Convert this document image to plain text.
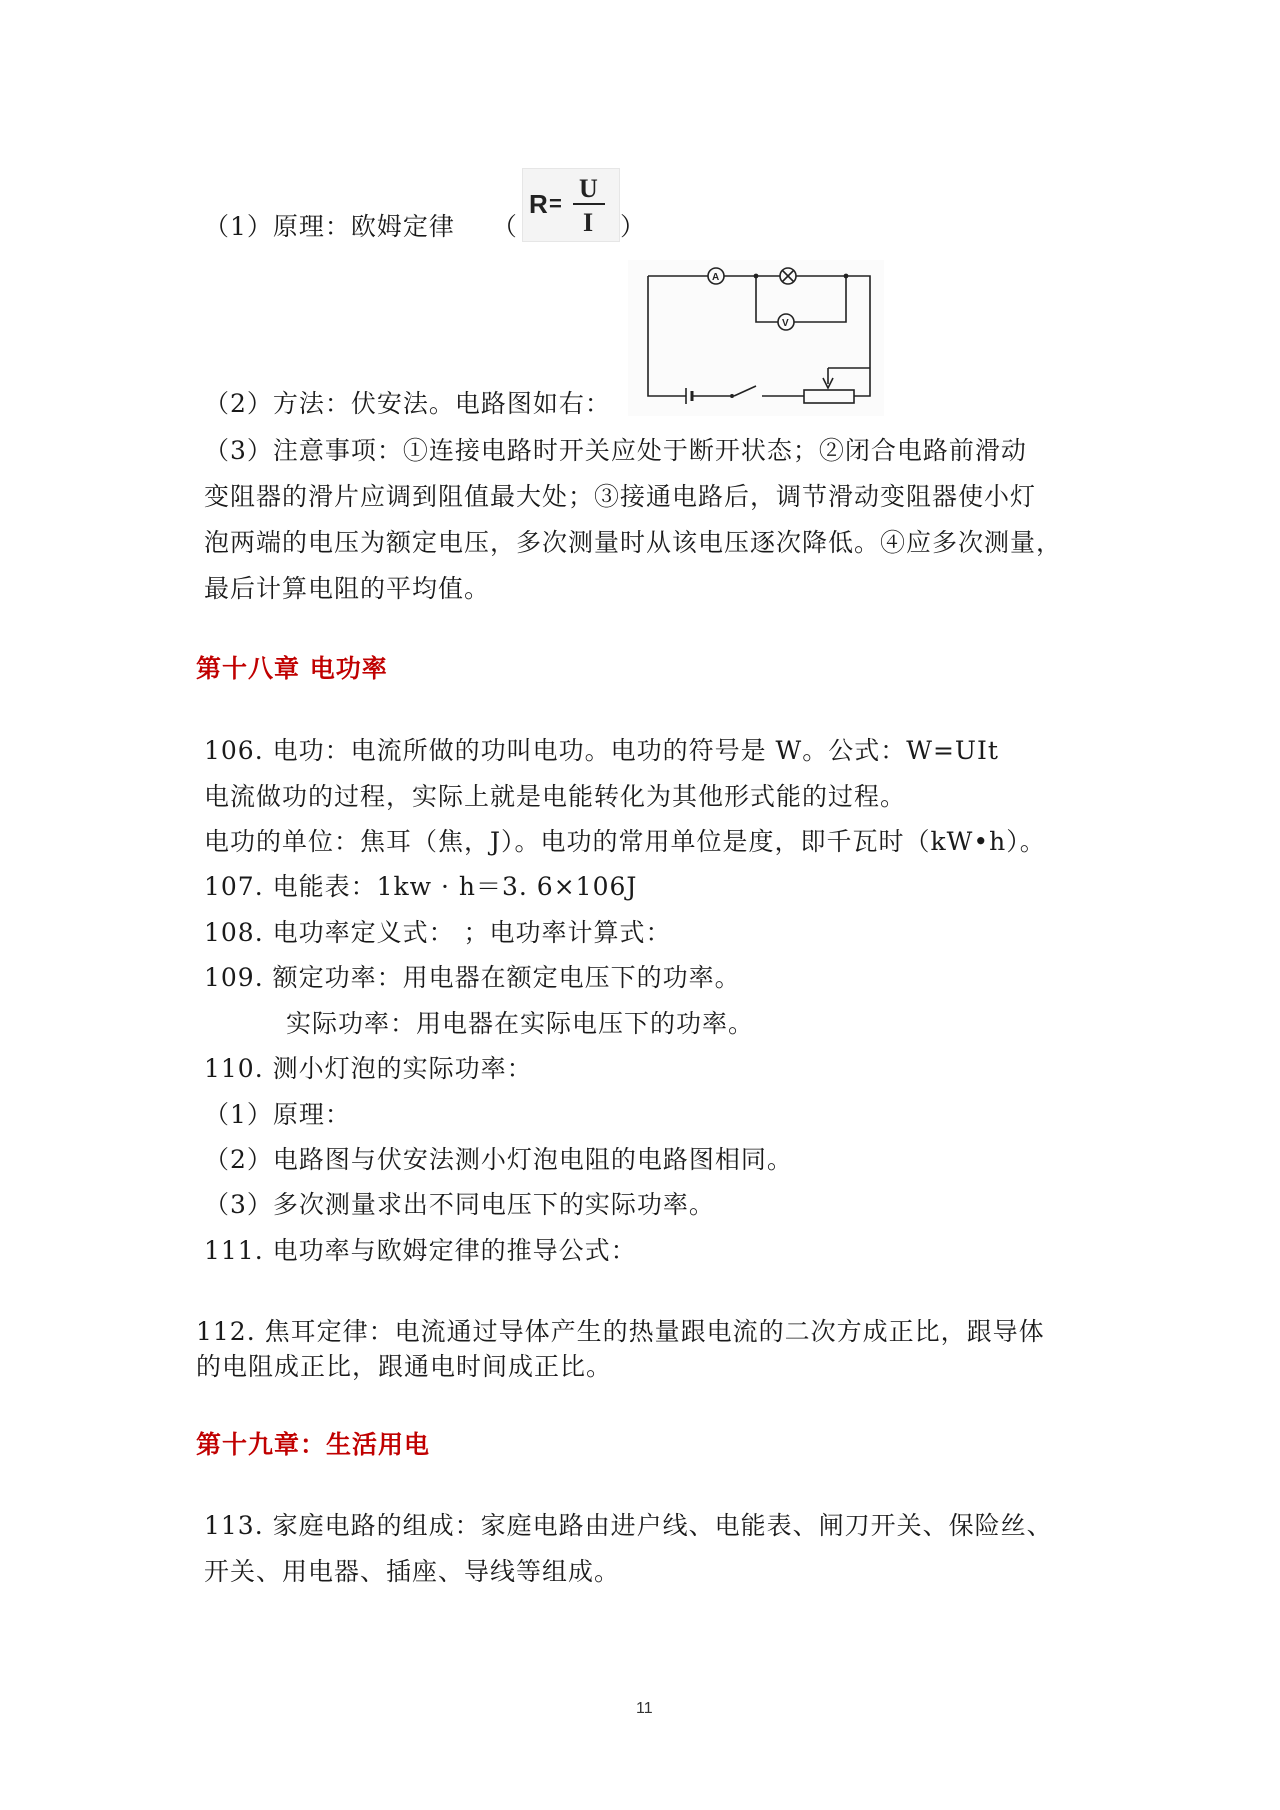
（1）原理：欧姆定律 （	）
R =
U
I
（2）方法：伏安法。电路图如右：
A
V
（3）注意事项：①连接电路时开关应处于断开状态；②闭合电路前滑动
变阻器的滑片应调到阻值最大处；③接通电路后，调节滑动变阻器使小灯
泡两端的电压为额定电压，多次测量时从该电压逐次降低。④应多次测量，
最后计算电阻的平均值。
第十八章 电功率
106. 电功：电流所做的功叫电功。电功的符号是 W。公式：W=UIt
电流做功的过程，实际上就是电能转化为其他形式能的过程。
电功的单位：焦耳（焦，J）。电功的常用单位是度，即千瓦时（kW•h）。
107. 电能表：1kw · h＝3. 6×106J
108. 电功率定义式： ；电功率计算式：
109. 额定功率：用电器在额定电压下的功率。
实际功率：用电器在实际电压下的功率。
110. 测小灯泡的实际功率：
（1）原理：
（2）电路图与伏安法测小灯泡电阻的电路图相同。
（3）多次测量求出不同电压下的实际功率。
111. 电功率与欧姆定律的推导公式：
112. 焦耳定律：电流通过导体产生的热量跟电流的二次方成正比，跟导体
的电阻成正比，跟通电时间成正比。
第十九章：生活用电
113. 家庭电路的组成：家庭电路由进户线、电能表、闸刀开关、保险丝、
开关、用电器、插座、导线等组成。
11
